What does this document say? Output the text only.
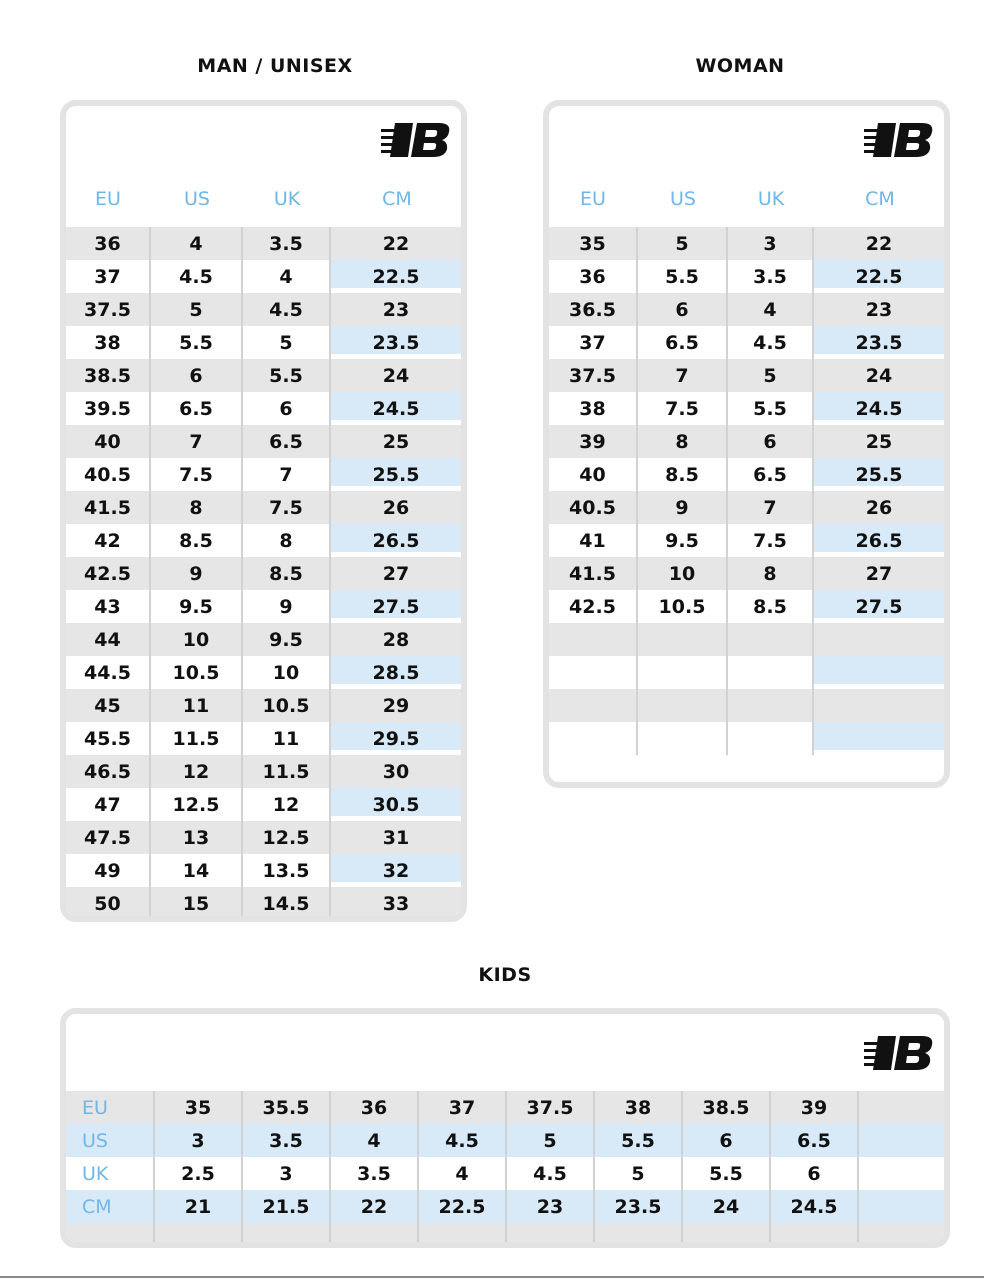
MAN / UNISEX	WOMAN
KIDS
EU	US	UK	CM
36	4	3.5	22
37	4.5	4	22.5
37.5	5	4.5	23
38	5.5	5	23.5
38.5	6	5.5	24
39.5	6.5	6	24.5
40	7	6.5	25
40.5	7.5	7	25.5
41.5	8	7.5	26
42	8.5	8	26.5
42.5	9	8.5	27
43	9.5	9	27.5
44	10	9.5	28
44.5	10.5	10	28.5
45	11	10.5	29
45.5	11.5	11	29.5
46.5	12	11.5	30
47	12.5	12	30.5
47.5	13	12.5	31
49	14	13.5	32
50	15	14.5	33
EU	US	UK	CM
35	5	3	22
36	5.5	3.5	22.5
36.5	6	4	23
37	6.5	4.5	23.5
37.5	7	5	24
38	7.5	5.5	24.5
39	8	6	25
40	8.5	6.5	25.5
40.5	9	7	26
41	9.5	7.5	26.5
41.5	10	8	27
42.5	10.5	8.5	27.5

EU	35	35.5	36	37	37.5	38	38.5	39	
US	3	3.5	4	4.5	5	5.5	6	6.5	
UK	2.5	3	3.5	4	4.5	5	5.5	6	
CM	21	21.5	22	22.5	23	23.5	24	24.5	
